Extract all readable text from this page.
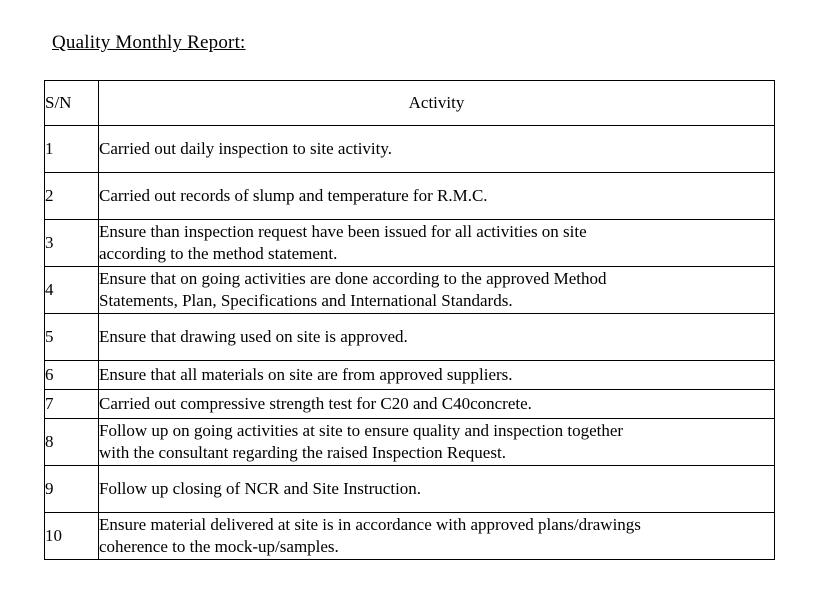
Quality Monthly Report:
S/N	Activity
1	Carried out daily inspection to site activity.

2	Carried out records of slump and temperature for R.M.C.

3	Ensure than inspection request have been issued for all activities on site
according to the method statement.

4	Ensure that on going activities are done according to the approved Method
Statements, Plan, Specifications and International Standards.

5	Ensure that drawing used on site is approved.

6	Ensure that all materials on site are from approved suppliers.

7	Carried out compressive strength test for C20 and C40concrete.

8	Follow up on going activities at site to ensure quality and inspection together
with the consultant regarding the raised Inspection Request.

9	Follow up closing of NCR and Site Instruction.

10	Ensure material delivered at site is in accordance with approved plans/drawings
coherence to the mock-up/samples.
